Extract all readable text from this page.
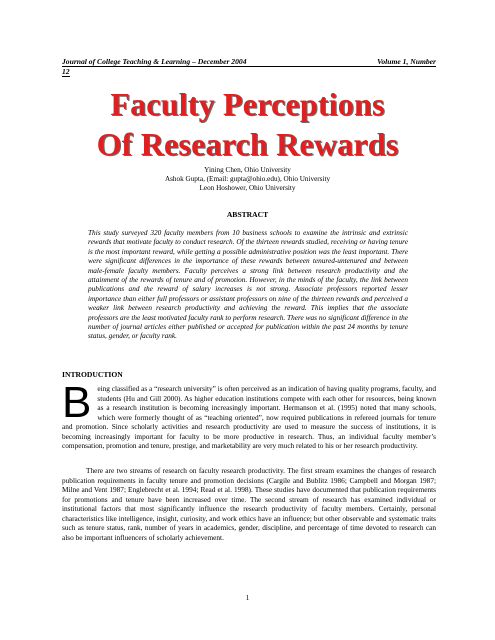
Journal of College Teaching & Learning – December 2004	Volume 1, Number
12
Faculty Perceptions
Of Research Rewards
Yining Chen, Ohio University
Ashok Gupta, (Email: gupta@ohio.edu), Ohio University
Leon Hoshower, Ohio University
ABSTRACT
This study surveyed 320 faculty members from 10 business schools to examine the intrinsic and extrinsic rewards that motivate faculty to conduct research. Of the thirteen rewards studied, receiving or having tenure is the most important reward, while getting a possible administrative position was the least important. There were significant differences in the importance of these rewards between tenured-untenured and between male-female faculty members. Faculty perceives a strong link between research productivity and the attainment of the rewards of tenure and of promotion. However, in the minds of the faculty, the link between publications and the reward of salary increases is not strong. Associate professors reported lesser importance than either full professors or assistant professors on nine of the thirteen rewards and perceived a weaker link between research productivity and achieving the reward. This implies that the associate professors are the least motivated faculty rank to perform research. There was no significant difference in the number of journal articles either published or accepted for publication within the past 24 months by tenure status, gender, or faculty rank.
INTRODUCTION
B eing classified as a “research university” is often perceived as an indication of having quality programs, faculty, and students (Hu and Gill 2000). As higher education institutions compete with each other for resources, being known as a research institution is becoming increasingly important. Hermanson et al. (1995) noted that many schools, which were formerly thought of as “teaching oriented”, now required publications in refereed journals for tenure and promotion. Since scholarly activities and research productivity are used to measure the success of institutions, it is becoming increasingly important for faculty to be more productive in research. Thus, an individual faculty member’s compensation, promotion and tenure, prestige, and marketability are very much related to his or her research productivity.
There are two streams of research on faculty research productivity. The first stream examines the changes of research publication requirements in faculty tenure and promotion decisions (Cargile and Bublitz 1986; Campbell and Morgan 1987; Milne and Vent 1987; Englebrecht et al. 1994; Read et al. 1998). These studies have documented that publication requirements for promotions and tenure have been increased over time. The second stream of research has examined individual or institutional factors that most significantly influence the research productivity of faculty members. Certainly, personal characteristics like intelligence, insight, curiosity, and work ethics have an influence; but other observable and systematic traits such as tenure status, rank, number of years in academics, gender, discipline, and percentage of time devoted to research can also be important influencers of scholarly achievement.
1
